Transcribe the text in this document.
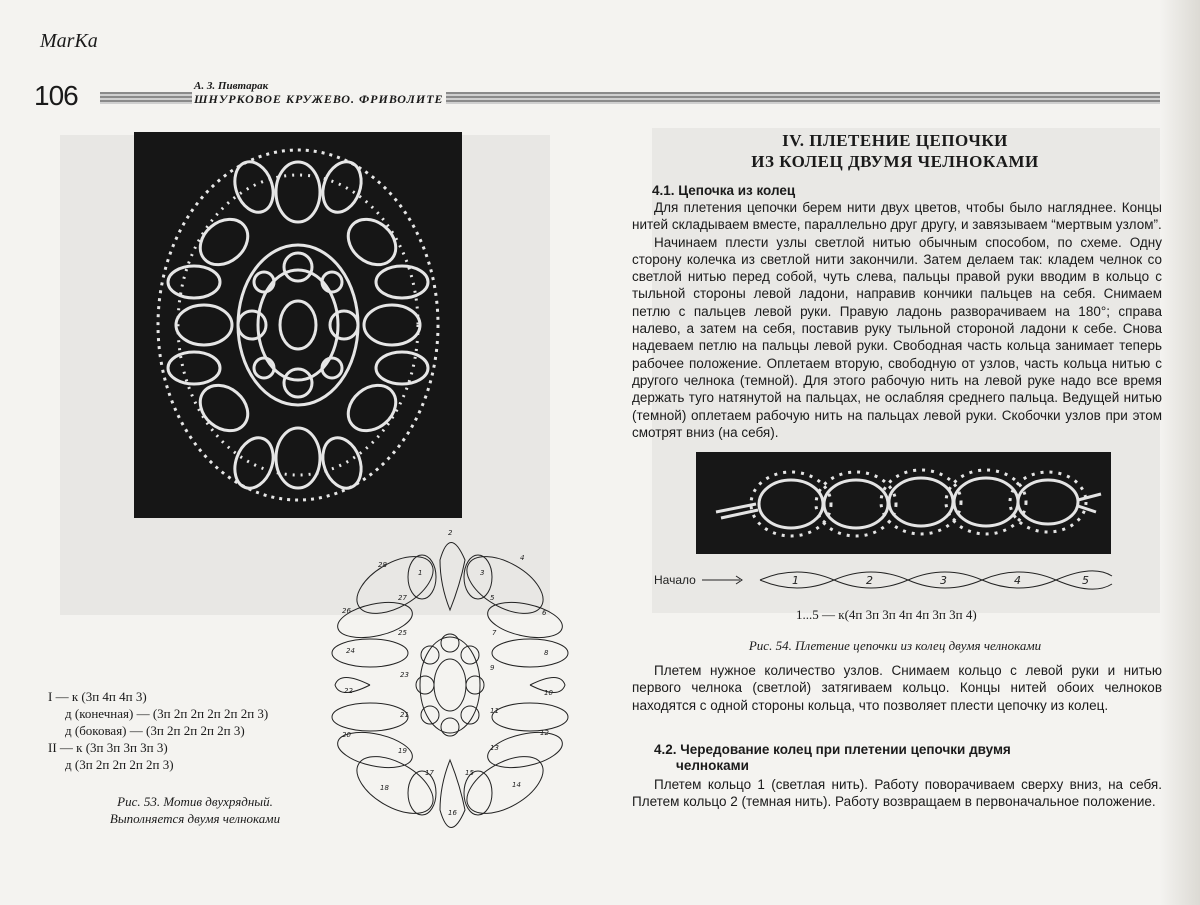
MarKa
106	А. З. Пивтарак
ШНУРКОВОЕ КРУЖЕВО. ФРИВОЛИТЕ
1
2
3
4
5
6
7
8
9
10
11
12
13
14
15
16
17
18
19
20
21
22
23
24
25
26
27
28
I — к (3п 4п 4п 3)
д (конечная) — (3п 2п 2п 2п 2п 2п 3)
д (боковая) — (3п 2п 2п 2п 2п 3)
II — к (3п 3п 3п 3п 3)
д (3п 2п 2п 2п 2п 3)
Рис. 53. Мотив двухрядный.
Выполняется двумя челноками
IV. ПЛЕТЕНИЕ ЦЕПОЧКИ
ИЗ КОЛЕЦ ДВУМЯ ЧЕЛНОКАМИ
4.1. Цепочка из колец

Для плетения цепочки берем нити двух цветов, чтобы было нагляднее. Концы нитей складываем вместе, параллельно друг другу, и завязываем “мертвым узлом”.

Начинаем плести узлы светлой нитью обычным способом, по схеме. Одну сторону колечка из светлой нити закончили. Затем делаем так: кладем челнок со светлой нитью перед собой, чуть слева, пальцы правой руки вводим в кольцо с тыльной стороны левой ладони, направив кончики пальцев на себя. Снимаем петлю с пальцев левой руки. Правую ладонь разворачиваем на 180°; справа налево, а затем на себя, поставив руку тыльной стороной ладони к себе. Снова надеваем петлю на пальцы левой руки. Свободная часть кольца занимает теперь рабочее положение. Оплетаем вторую, свободную от узлов, часть кольца нитью с другого челнока (темной). Для этого рабочую нить на левой руке надо все время держать туго натянутой на пальцах, не ослабляя среднего пальца. Ведущей нитью (темной) оплетаем рабочую нить на пальцах левой руки. Скобочки узлов при этом смотрят вниз (на себя).

Начало	1	2	3	4	5
1...5 — к(4п 3п 3п 4п 4п 3п 3п 4)
Рис. 54. Плетение цепочки из колец двумя челноками

Плетем нужное количество узлов. Снимаем кольцо с левой руки и нитью первого челнока (светлой) затягиваем кольцо. Концы нитей обоих челноков находятся с одной стороны кольца, что позволяет плести цепочку из колец.

4.2. Чередование колец при плетении цепочки двумя
челноками

Плетем кольцо 1 (светлая нить). Работу поворачиваем сверху вниз, на себя. Плетем кольцо 2 (темная нить). Работу возвращаем в первоначальное положение.
